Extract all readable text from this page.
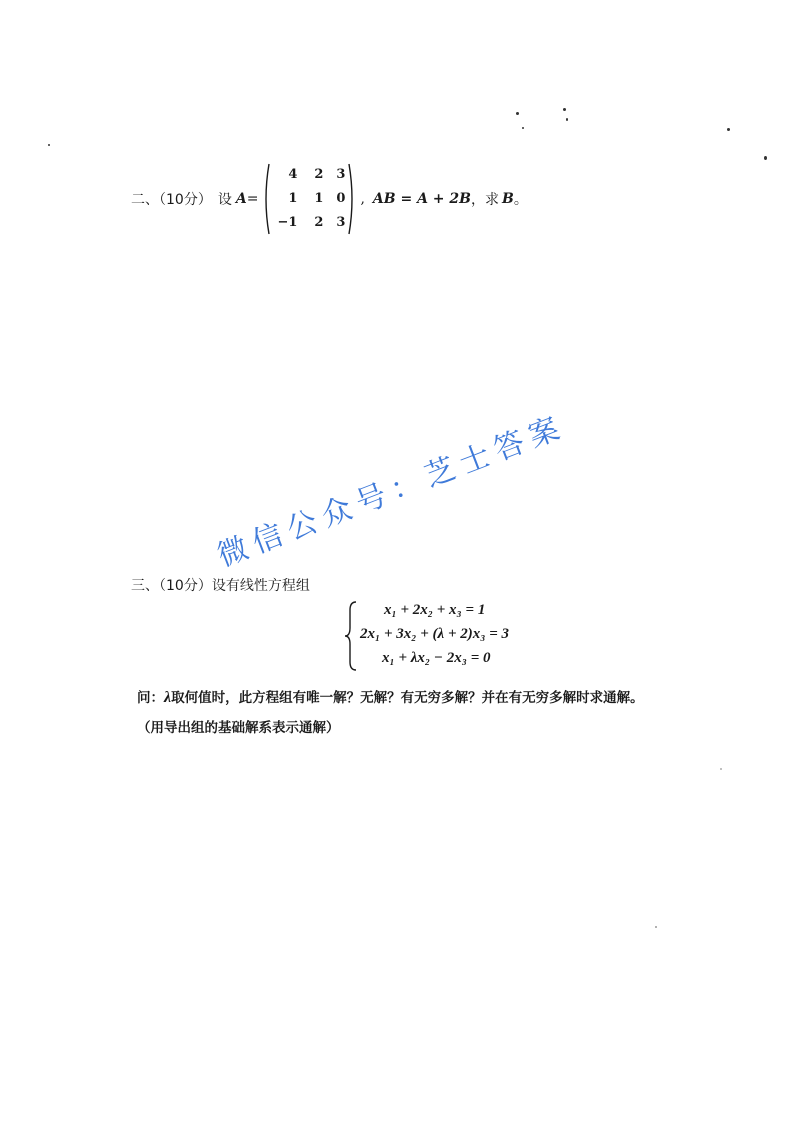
二、（10分） 设 A =
4	2 3
1	1 0
−1	2 3
, AB = A + 2B ，求 B 。
三、（10分）设有线性方程组
x₁ + 2x₂ + x₃ = 1
2x₁ + 3x₂ + (λ + 2)x₃ = 3
x₁ + λx₂ − 2x₃ = 0
问：λ取何值时，此方程组有唯一解？无解？有无穷多解？并在有无穷多解时求通解。
（用导出组的基础解系表示通解）
微信公众号：芝士答案
